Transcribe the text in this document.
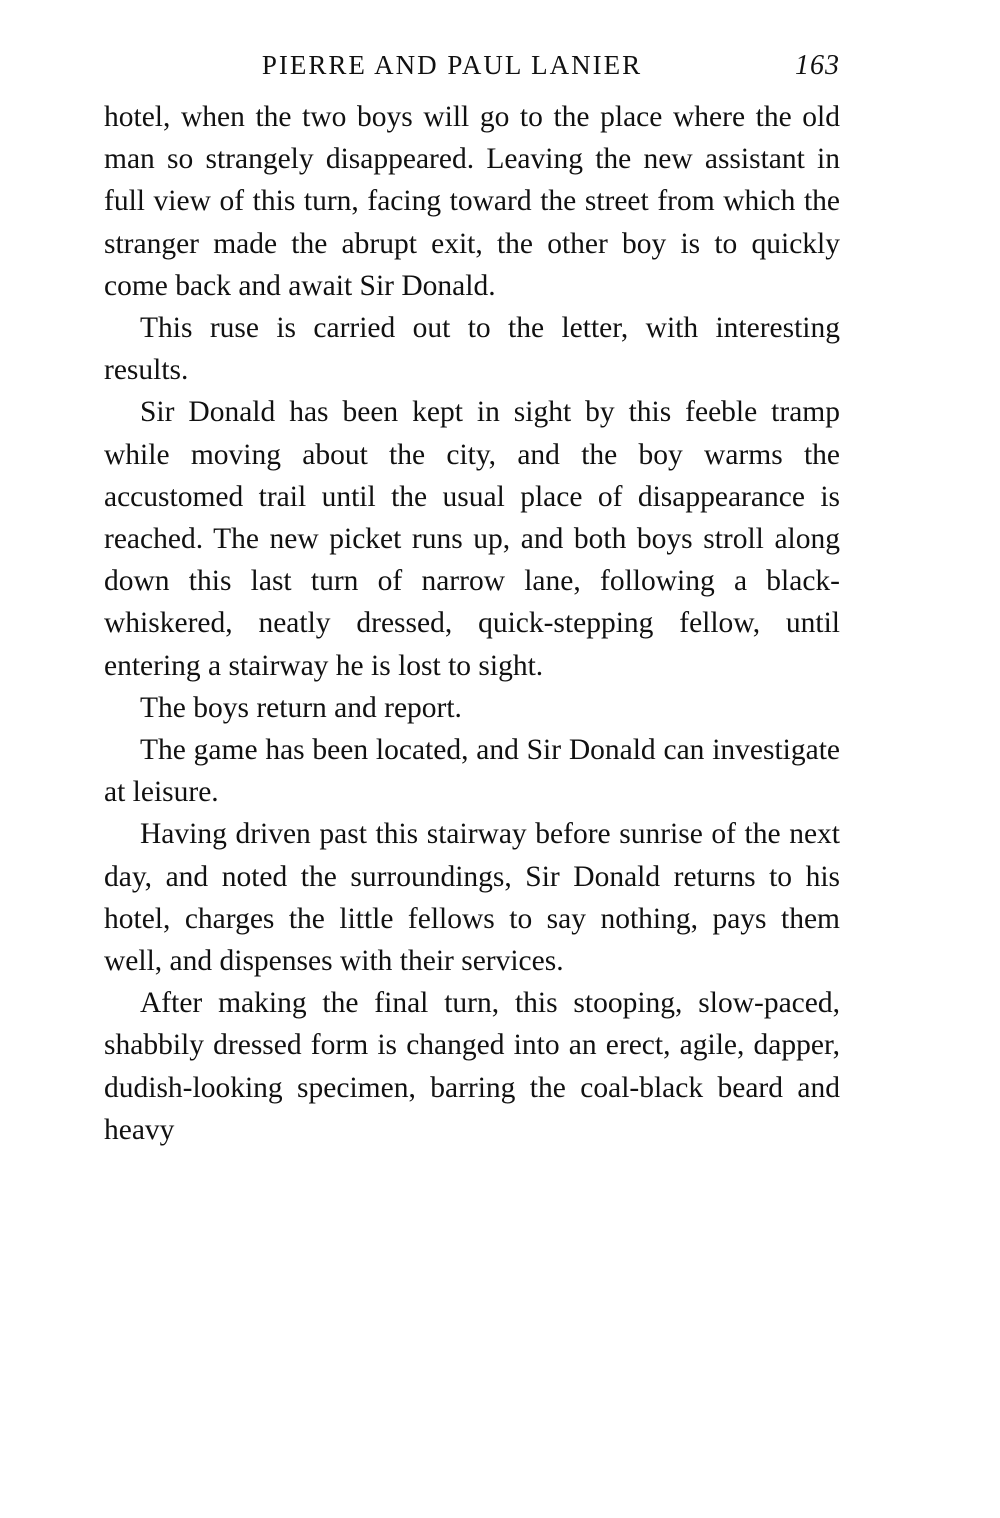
PIERRE AND PAUL LANIER	163

hotel, when the two boys will go to the place where the old man so strangely disappeared. Leaving the new assistant in full view of this turn, facing toward the street from which the stranger made the abrupt exit, the other boy is to quickly come back and await Sir Donald.

This ruse is carried out to the letter, with interesting results.

Sir Donald has been kept in sight by this feeble tramp while moving about the city, and the boy warms the accustomed trail until the usual place of disappearance is reached. The new picket runs up, and both boys stroll along down this last turn of narrow lane, following a black-whiskered, neatly dressed, quick-stepping fellow, until entering a stairway he is lost to sight.

The boys return and report.

The game has been located, and Sir Donald can investigate at leisure.

Having driven past this stairway before sunrise of the next day, and noted the surroundings, Sir Donald returns to his hotel, charges the little fellows to say nothing, pays them well, and dispenses with their services.

After making the final turn, this stooping, slow-paced, shabbily dressed form is changed into an erect, agile, dapper, dudish-looking specimen, barring the coal-black beard and heavy
